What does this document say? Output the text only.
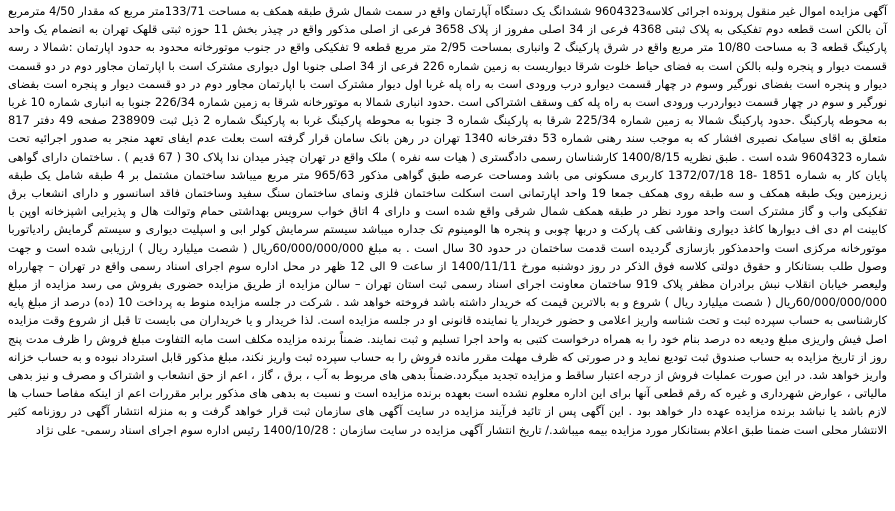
آگهی مزایده اموال غیر منقول پرونده اجرائی کلاسه9604323 ششدانگ یک دستگاه آپارتمان واقع در سمت شمال شرق طبقه همکف به مساحت 133/71متر مربع که مقدار 4/50 مترمربع آن بالکن است قطعه دوم تفکیکی به پلاک ثبتی 4368 فرعی از 34 اصلی مفروز از پلاک 3658 فرعی از اصلی مذکور واقع در چیذر بخش 11 حوزه ثبتی قلهک تهران به انضمام یک واحد پارکینگ قطعه 3 به مساحت 10/80 متر مربع واقع در شرق پارکینگ 2 وانباری بمساحت 2/95 متر مربع قطعه 9 تفکیکی واقع در جنوب موتورخانه محدود به حدود اپارتمان :شمالا د رسه قسمت دیوار و پنجره ولبه بالکن است به فضای حیاط خلوت شرقا دیواریست به زمین شماره 226 فرعی از 34 اصلی جنوبا اول دیواری مشترک است با اپارتمان مجاور دوم در دو قسمت دیوار و پنجره است بفضای نورگیر وسوم در چهار قسمت دیوارو درب ورودی است به راه پله غربا اول دیوار مشترک است با اپارتمان مجاور دوم در دو قسمت دیوار و پنجره است بفضای نورگیر و سوم در چهار قسمت دیواردرب ورودی است به راه پله کف وسقف اشتراکی است .حدود انباری شمالا به موتورخانه شرقا به زمین شماره 226/34 جنوبا به انباری شماره 10 غربا به محوطه پارکینگ .حدود پارکینگ شمالا به زمین شماره 225/34 شرقا به پارکینگ شماره 3 جنوبا به محوطه پارکینگ غربا به پارکینگ شماره 2 ذیل ثبت 238909 صفحه 49 دفتر 817 متعلق به اقای سیامک نصیری افشار که به موجب سند رهنی شماره 53 دفترخانه 1340 تهران در رهن بانک سامان قرار گرفته است بعلت عدم ایفای تعهد منجر به صدور اجرائیه تحت شماره 9604323 شده است . طبق نظریه 1400/8/15 کارشناسان رسمی دادگستری ( هیات سه نفره ) ملک واقع در تهران چیذر میدان ندا پلاک 30 ( 67 قدیم ) . ساختمان دارای گواهی پایان کار به شماره 1851 -18 1372/07/18 کاربری مسکونی می باشد ومساحت عرصه طبق گواهی مذکور 965/63 متر مربع میباشد ساختمان مشتمل بر 4 طبقه شامل یک طبقه زیرزمین ویک طبقه همکف و سه طبقه روی همکف جمعا 19 واحد اپارتمانی است اسکلت ساختمان فلزی ونمای ساختمان سنگ سفید وساختمان فاقد اسانسور و دارای انشعاب برق تفکیکی واب و گاز مشترک است واحد مورد نظر در طبقه همکف شمال شرقی واقع شده است و دارای 4 اتاق خواب سرویس بهداشتی حمام وتوالت هال و پذیرایی اشپزخانه اوپن با کابینت ام دی اف دیوارها کاغذ دیواری ونقاشی کف پارکت و دربها چوبی و پنجره ها الومینوم تک جداره میباشد سیستم سرمایش کولر ابی و اسپلیت دیواری و سیستم گرمایش رادیاتوربا موتورخانه مرکزی است واحدمذکور بازسازی گردیده است قدمت ساختمان در حدود 30 سال است . به مبلغ 60/000/000/000ریال ( شصت میلیارد ریال ) ارزیابی شده است و جهت وصول طلب بستانکار و حقوق دولتی کلاسه فوق الذکر در روز دوشنبه مورخ 1400/11/11 از ساعت 9 الی 12 ظهر در محل اداره سوم اجرای اسناد رسمی واقع در تهران – چهارراه ولیعصر خیابان انقلاب نبش برادران مظفر پلاک 919 ساختمان معاونت اجرای اسناد رسمی ثبت استان تهران – سالن مزایده از طریق مزایده حضوری بفروش می رسد مزایده از مبلغ 60/000/000/000ریال ( شصت میلیارد ریال ) شروع و به بالاترین قیمت که خریدار داشته باشد فروخته خواهد شد . شرکت در جلسه مزایده منوط به پرداخت 10 (ده) درصد از مبلغ پایه کارشناسی به حساب سپرده ثبت و تحت شناسه واریز اعلامی و حضور خریدار یا نماینده قانونی او در جلسه مزایده است. لذا خریدار و یا خریداران می بایست تا قبل از شروع وقت مزایده اصل فیش واریزی مبلغ ودیعه ده درصد بنام خود را به همراه درخواست کتبی به واحد اجرا تسلیم و ثبت نمایند. ضمناً برنده مزایده مکلف است مابه التفاوت مبلغ فروش را ظرف مدت پنج روز از تاریخ مزایده به حساب صندوق ثبت تودیع نماید و در صورتی که ظرف مهلت مقرر مانده فروش را به حساب سپرده ثبت واریز نکند، مبلغ مذکور قابل استرداد نبوده و به حساب خزانه واریز خواهد شد. در این صورت عملیات فروش از درجه اعتبار ساقط و مزایده تجدید میگردد.ضمناً بدهی های مربوط به آب ، برق ، گاز ، اعم از حق انشعاب و اشتراک و مصرف و نیز بدهی مالیاتی ، عوارض شهرداری و غیره که رقم قطعی آنها برای این اداره معلوم نشده است بعهده برنده مزایده است و نسبت به بدهی های مذکور برابر مقررات اعم از اینکه مفاصا حساب ها لازم باشد یا نباشد برنده مزایده عهده دار خواهد بود . این آگهی پس از تائید فرآیند مزایده در سایت آگهی های سازمان ثبت قرار خواهد گرفت و به منزله انتشار آگهی در روزنامه کثیر الانتشار محلی است ضمنا طبق اعلام بستانکار مورد مزایده بیمه میباشد./ تاریخ انتشار آگهی مزایده در سایت سازمان : 1400/10/28 رئیس اداره سوم اجرای اسناد رسمی- علی نژاد
